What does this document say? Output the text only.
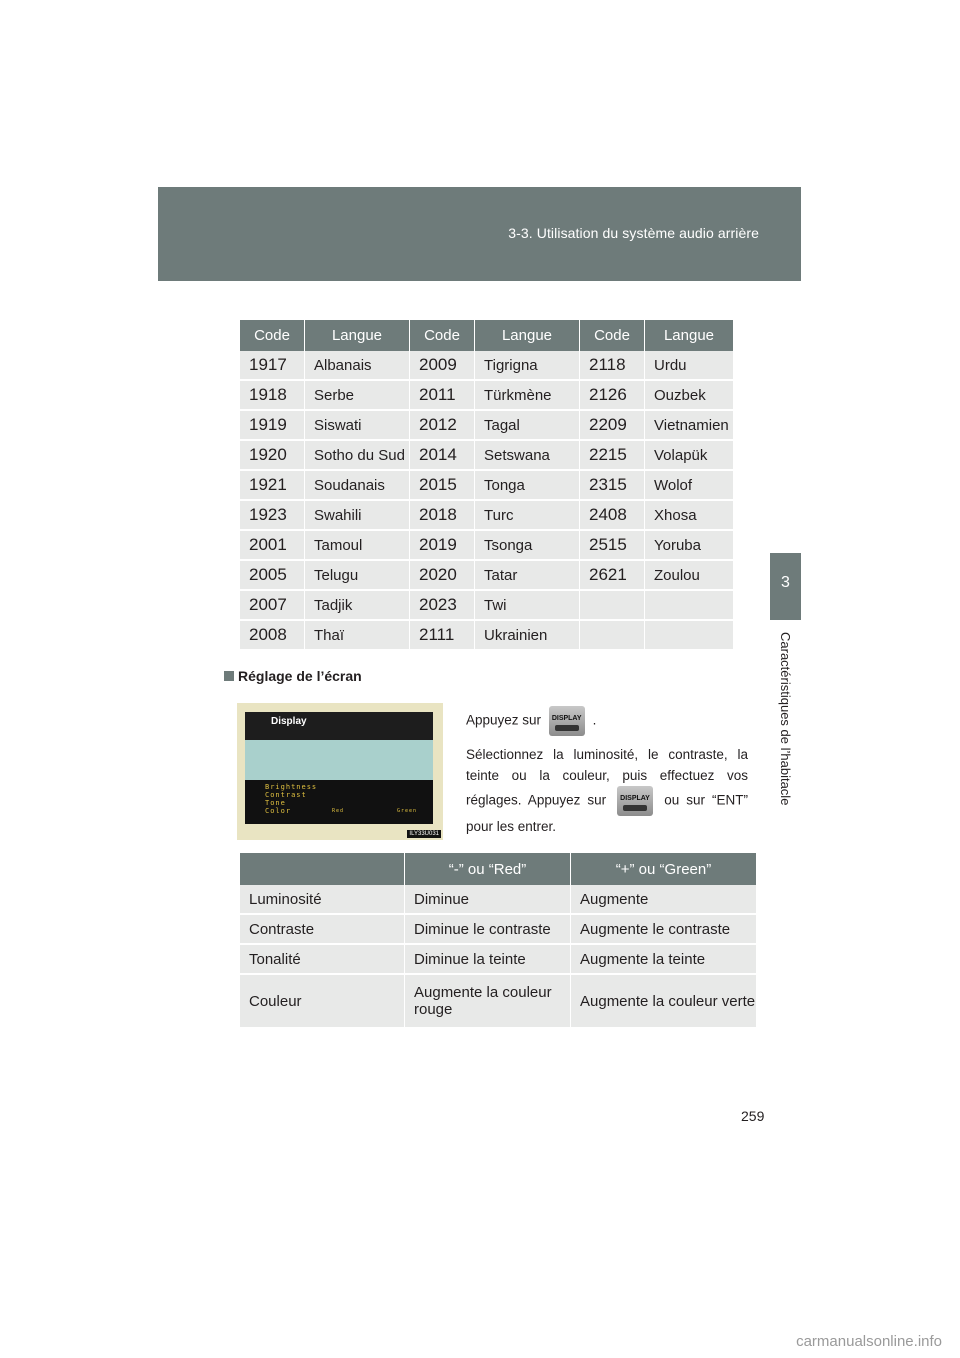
3-3. Utilisation du système audio arrière
3
Caractéristiques de l’habitacle
Code	Langue	Code	Langue	Code	Langue
1917	Albanais	2009	Tigrigna	2118	Urdu
1918	Serbe	2011	Türkmène	2126	Ouzbek
1919	Siswati	2012	Tagal	2209	Vietnamien
1920	Sotho du Sud	2014	Setswana	2215	Volapük
1921	Soudanais	2015	Tonga	2315	Wolof
1923	Swahili	2018	Turc	2408	Xhosa
2001	Tamoul	2019	Tsonga	2515	Yoruba
2005	Telugu	2020	Tatar	2621	Zoulou
2007	Tadjik	2023	Twi		
2008	Thaï	2111	Ukrainien		
Réglage de l’écran
Display
Brightness
Contrast
Tone
Color	Red	Green
ILY33U031

Appuyez sur DISPLAY .

Sélectionnez la luminosité, le contraste, la teinte ou la couleur, puis effectuez vos réglages. Appuyez sur DISPLAY ou sur “ENT” pour les entrer.

	“-” ou “Red”	“+” ou “Green”
Luminosité	Diminue	Augmente
Contraste	Diminue le contraste	Augmente le contraste
Tonalité	Diminue la teinte	Augmente la teinte
Couleur	Augmente la couleur rouge	Augmente la couleur verte
259
carmanualsonline.info
